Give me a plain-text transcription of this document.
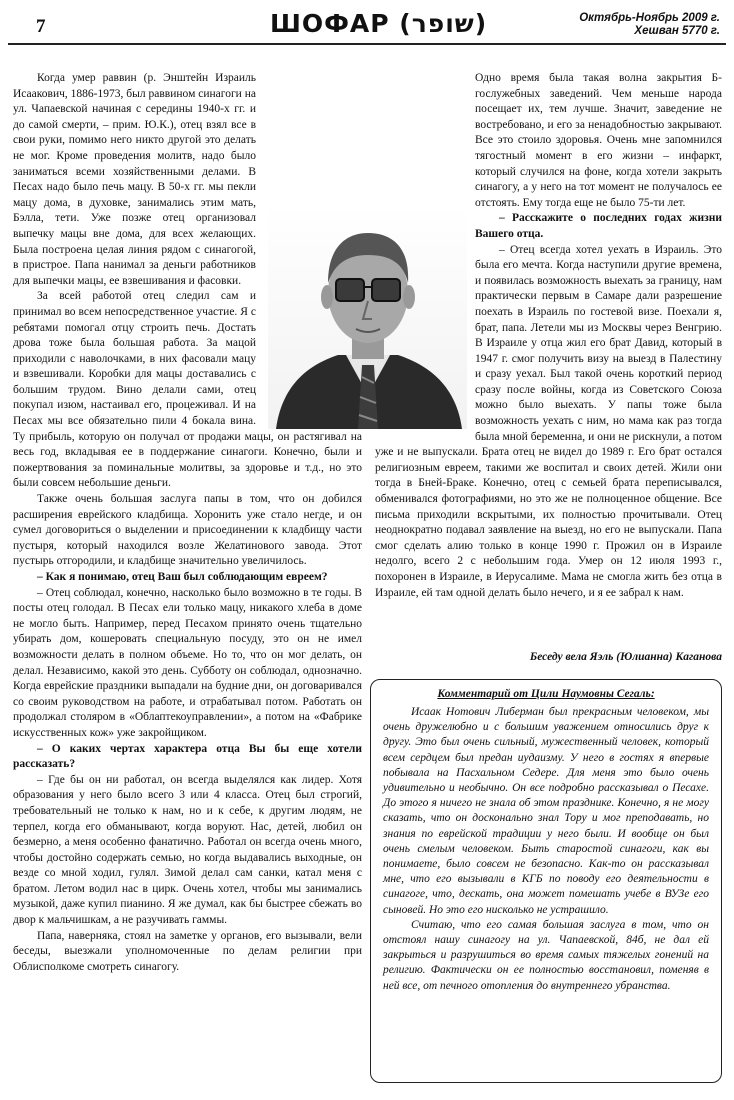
7	ШОФАР (שופר)	Октябрь-Ноябрь 2009 г.
Хешван 5770 г.

Когда умер раввин (р. Энштейн Израиль Исаакович, 1886-1973, был раввином синагоги на ул. Чапаевской начиная с середины 1940-х гг. и до самой смерти, – прим. Ю.К.), отец взял все в свои руки, помимо него никто другой это делать не мог. Кроме проведения молитв, надо было заниматься всеми хозяйственными делами. В Песах надо было печь мацу. В 50-х гг. мы пекли мацу дома, в духовке, занимались этим мать, Бэлла, тети. Уже позже отец организовал выпечку мацы вне дома, для всех желающих. Была построена целая линия рядом с синагогой, в пристрое. Папа нанимал за деньги работников для выпечки мацы, ее взвешивания и фасовки.

За всей работой отец следил сам и принимал во всем непосредственное участие. Я с ребятами помогал отцу строить печь. Достать дрова тоже была большая работа. За мацой приходили с наволочками, в них фасовали мацу и взвешивали. Коробки для мацы доставались с большим трудом. Вино делали сами, отец покупал изюм, настаивал его, процеживал. И на Песах мы все обязательно пили 4 бокала вина. Ту прибыль, которую он получал от продажи мацы, он растягивал на весь год, вкладывая ее в поддержание синагоги. Конечно, были и пожертвования за поминальные молитвы, за здоровье и т.д., но это были совсем небольшие деньги.

Также очень большая заслуга папы в том, что он добился расширения еврейского кладбища. Хоронить уже стало негде, и он сумел договориться о выделении и присоединении к кладбищу части пустыря, который находился возле Желатинового завода. Этот пустырь отгородили, и кладбище значительно увеличилось.

– Как я понимаю, отец Ваш был соблюдающим евреем?

– Отец соблюдал, конечно, насколько было возможно в те годы. В посты отец голодал. В Песах ели только мацу, никакого хлеба в доме не могло быть. Например, перед Песахом принято очень тщательно убирать дом, кошеровать специальную посуду, это он не имел возможности делать в полном объеме. Но то, что он мог делать, он делал. Независимо, какой это день. Субботу он соблюдал, однозначно. Когда еврейские праздники выпадали на будние дни, он договаривался со своим руководством на работе, и отрабатывал потом. Работать он продолжал столяром в «Облаптекоуправлении», а потом на «Фабрике искусственных кож» уже закройщиком.

– О каких чертах характера отца Вы бы еще хотели рассказать?

– Где бы он ни работал, он всегда выделялся как лидер. Хотя образования у него было всего 3 или 4 класса. Отец был строгий, требовательный не только к нам, но и к себе, к другим людям, не терпел, когда его обманывают, когда воруют. Нас, детей, любил он безмерно, а меня особенно фанатично. Работал он всегда очень много, чтобы достойно содержать семью, но когда выдавались выходные, он везде со мной ходил, гулял. Зимой делал сам санки, катал меня с братом. Летом водил нас в цирк. Очень хотел, чтобы мы занимались музыкой, даже купил пианино. Я же думал, как бы быстрее сбежать во двор к мальчишкам, а не разучивать гаммы.

Папа, наверняка, стоял на заметке у органов, его вызывали, вели беседы, выезжали уполномоченные по делам религии при Облисполкоме смотреть синагогу.

Одно время была такая волна закрытия Б-гослужебных заведений. Чем меньше народа посещает их, тем лучше. Значит, заведение не востребовано, и его за ненадобностью закрывают. Все это стоило здоровья. Очень мне запомнился тягостный момент в его жизни – инфаркт, который случился на фоне, когда хотели закрыть синагогу, а у него на тот момент не получалось ее отстоять. Ему тогда еще не было 75-ти лет.

– Расскажите о последних годах жизни Вашего отца.

– Отец всегда хотел уехать в Израиль. Это была его мечта. Когда наступили другие времена, и появилась возможность выехать за границу, нам практически первым в Самаре дали разрешение поехать в Израиль по гостевой визе. Поехали я, брат, папа. Летели мы из Москвы через Венгрию. В Израиле у отца жил его брат Давид, который в 1947 г. смог получить визу на выезд в Палестину и сразу уехал. Был такой очень короткий период сразу после войны, когда из Советского Союза можно было выехать. У папы тоже была возможность уехать с ним, но мама как раз тогда была мной беременна, и они не рискнули, а потом уже и не выпускали. Брата отец не видел до 1989 г. Его брат остался религиозным евреем, такими же воспитал и своих детей. Жили они тогда в Бней-Браке. Конечно, отец с семьей брата переписывался, обменивался фотографиями, но это же не полноценное общение. Все письма приходили вскрытыми, их полностью прочитывали. Отец неоднократно подавал заявление на выезд, но его не выпускали. Папа смог сделать алию только в конце 1990 г. Прожил он в Израиле недолго, всего 2 с небольшим года. Умер он 12 июля 1993 г., похоронен в Израиле, в Иерусалиме. Мама не смогла жить без отца в Израиле, ей там одной делать было нечего, и я ее забрал к нам.

Беседу вела Яэль (Юлианна) Каганова
Комментарий от Цили Наумовны Сегаль:

Исаак Нотович Либерман был прекрасным человеком, мы очень дружелюбно и с большим уважением относились друг к другу. Это был очень сильный, мужественный человек, который всем сердцем был предан иудаизму. У него в гостях я впервые побывала на Пасхальном Седере. Для меня это было очень удивительно и необычно. Он все подробно рассказывал о Песахе. До этого я ничего не знала об этом празднике. Конечно, я не могу сказать, что он досконально знал Тору и мог преподавать, но знания по еврейской традиции у него были. И вообще он был очень смелым человеком. Быть старостой синагоги, как вы понимаете, было совсем не безопасно. Как-то он рассказывал мне, что его вызывали в КГБ по поводу его деятельности в синагоге, что, дескать, она может помешать учебе в ВУЗе его сыновей. Но это его нисколько не устрашило.

Считаю, что его самая большая заслуга в том, что он отстоял нашу синагогу на ул. Чапаевской, 84б, не дал ей закрыться и разрушиться во время самых тяжелых гонений на религию. Фактически он ее полностью восстановил, поменяв в ней все, от печного отопления до внутреннего убранства.
